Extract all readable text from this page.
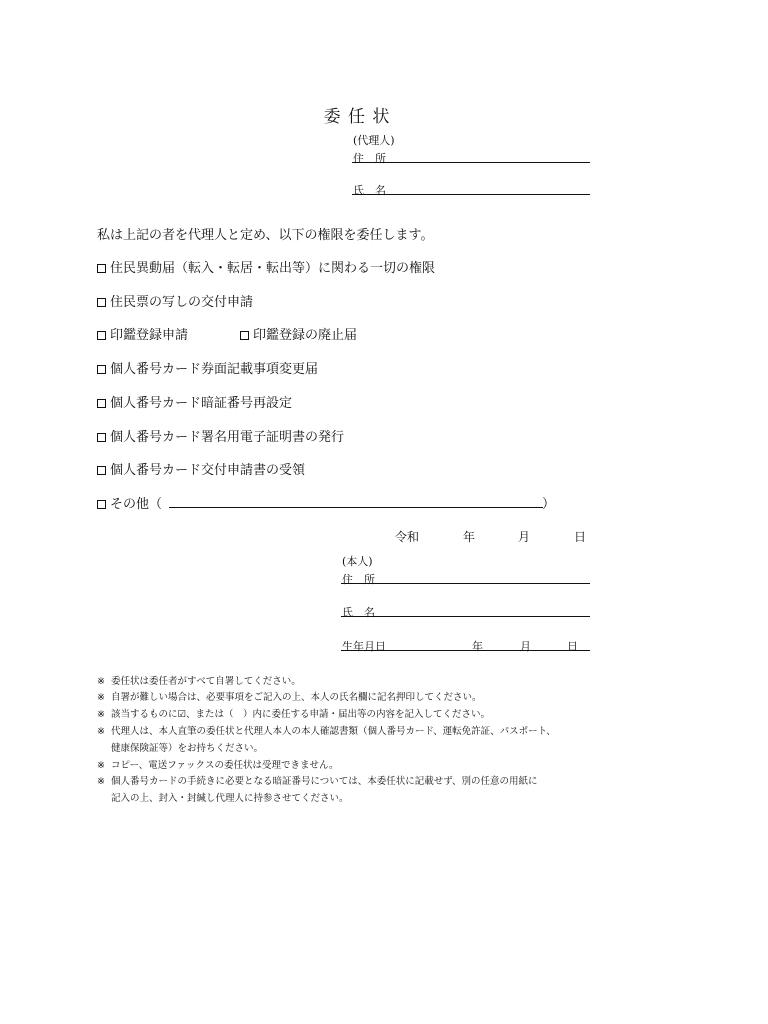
委 任 状
(代理人)
住　所
氏　名
私は上記の者を代理人と定め、以下の権限を委任します。
住民異動届（転入・転居・転出等）に関わる一切の権限
住民票の写しの交付申請
印鑑登録申請	印鑑登録の廃止届
個人番号カード券面記載事項変更届
個人番号カード暗証番号再設定
個人番号カード署名用電子証明書の発行
個人番号カード交付申請書の受領
その他（	）
令和	年	月	日
(本人)
住　所
氏　名
生年月日	年	月	日
※ 委任状は委任者がすべて自署してください。
※ 自署が難しい場合は、必要事項をご記入の上、本人の氏名欄に記名押印してください。
※ 該当するものに☑、または（　）内に委任する申請・届出等の内容を記入してください。
※ 代理人は、本人直筆の委任状と代理人本人の本人確認書類（個人番号カード、運転免許証、パスポート、
健康保険証等）をお持ちください。
※ コピー、電送ファックスの委任状は受理できません。
※ 個人番号カードの手続きに必要となる暗証番号については、本委任状に記載せず、別の任意の用紙に
記入の上、封入・封緘し代理人に持参させてください。
